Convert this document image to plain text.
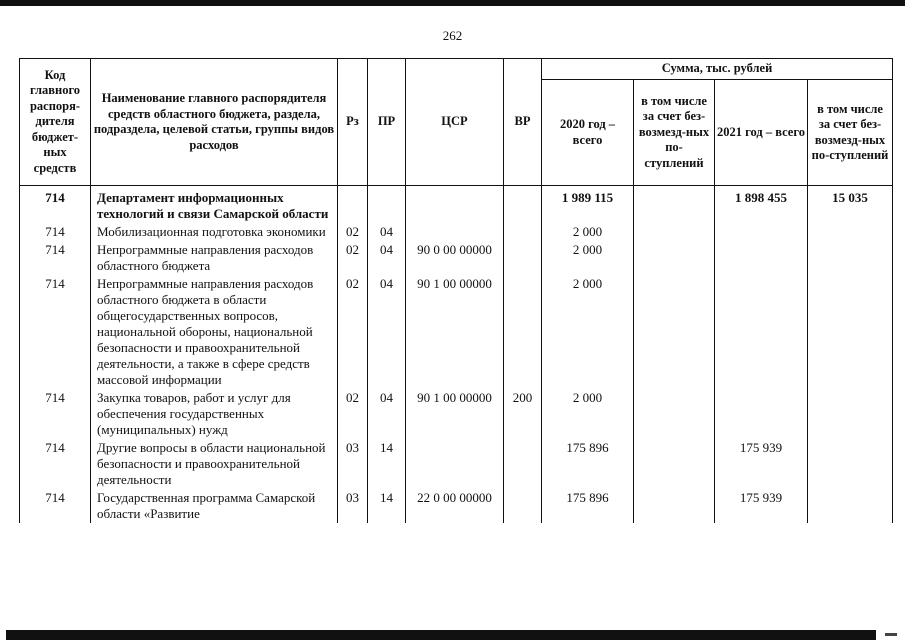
262
Код главного распоря-дителя бюджет-ных средств	Наименование главного распорядителя средств областного бюджета, раздела, подраздела, целевой статьи, группы видов расходов	Рз	ПР	ЦСР	ВР	Сумма, тыс. рублей			
						2020 год – всего	в том числе за счет без-возмезд-ных по-ступлений	2021 год – всего	в том числе за счет без-возмезд-ных по-ступлений
714	Департамент информационных технологий и связи Самарской области					1 989 115		1 898 455	15 035
714	Мобилизационная подготовка экономики	02	04			2 000			
714	Непрограммные направления расходов областного бюджета	02	04	90 0 00 00000		2 000			
714	Непрограммные направления расходов областного бюджета в области общегосударственных вопросов, национальной обороны, национальной безопасности и правоохранительной деятельности, а также в сфере средств массовой информации	02	04	90 1 00 00000		2 000			
714	Закупка товаров, работ и услуг для обеспечения государственных (муниципальных) нужд	02	04	90 1 00 00000	200	2 000			
714	Другие вопросы в области национальной безопасности и правоохранительной деятельности	03	14			175 896		175 939	
714	Государственная программа Самарской области «Развитие	03	14	22 0 00 00000		175 896		175 939	
